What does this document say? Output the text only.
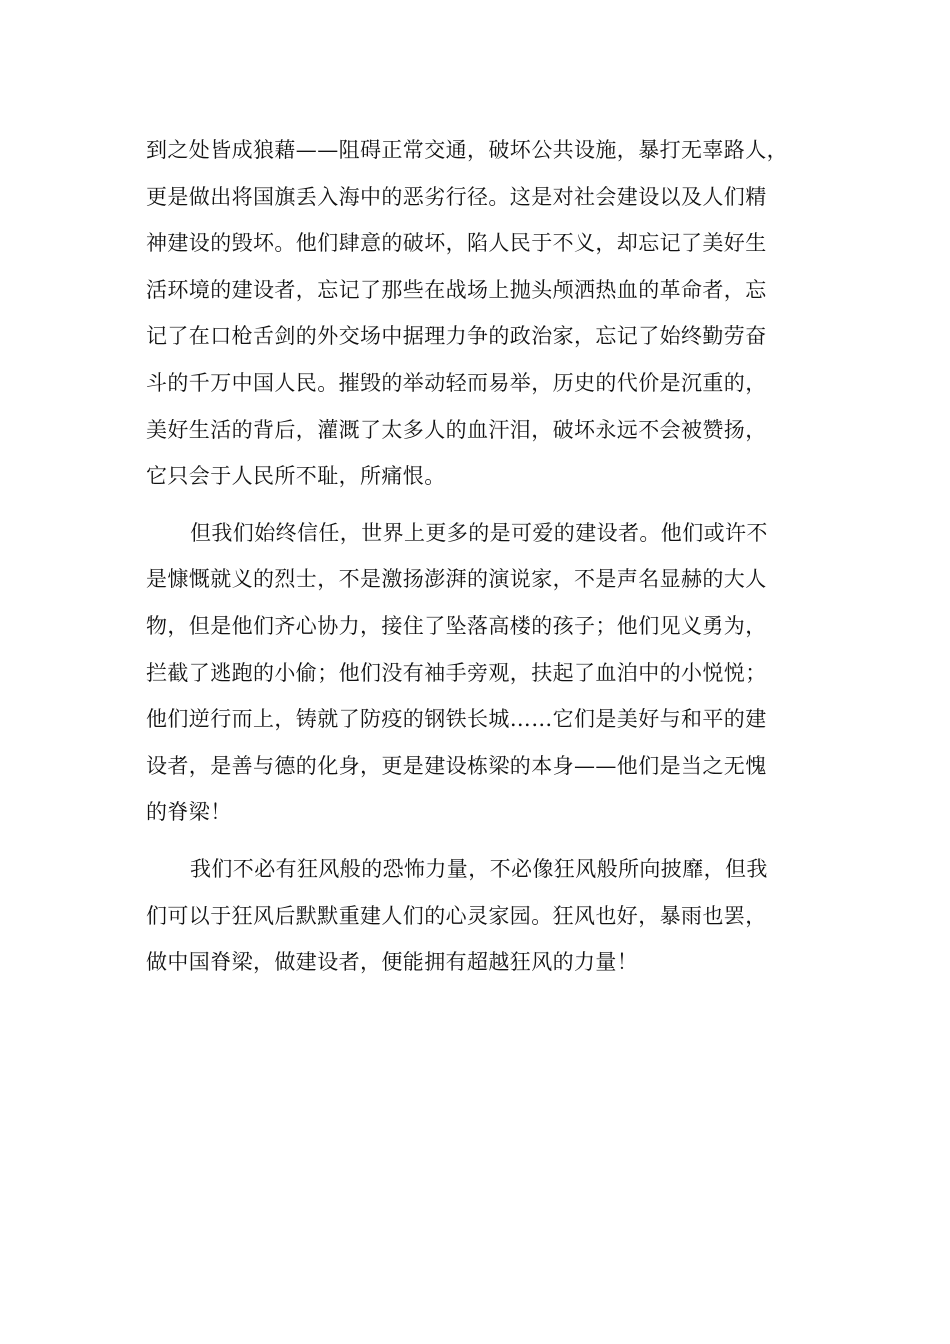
到之处皆成狼藉——阻碍正常交通，破坏公共设施，暴打无辜路人，
更是做出将国旗丢入海中的恶劣行径。这是对社会建设以及人们精
神建设的毁坏。他们肆意的破坏，陷人民于不义，却忘记了美好生
活环境的建设者，忘记了那些在战场上抛头颅洒热血的革命者，忘
记了在口枪舌剑的外交场中据理力争的政治家，忘记了始终勤劳奋
斗的千万中国人民。摧毁的举动轻而易举，历史的代价是沉重的，
美好生活的背后，灌溉了太多人的血汗泪，破坏永远不会被赞扬，
它只会于人民所不耻，所痛恨。

但我们始终信任，世界上更多的是可爱的建设者。他们或许不
是慷慨就义的烈士，不是激扬澎湃的演说家，不是声名显赫的大人
物，但是他们齐心协力，接住了坠落高楼的孩子；他们见义勇为，
拦截了逃跑的小偷；他们没有袖手旁观，扶起了血泊中的小悦悦；
他们逆行而上，铸就了防疫的钢铁长城……它们是美好与和平的建
设者，是善与德的化身，更是建设栋梁的本身——他们是当之无愧
的脊梁！

我们不必有狂风般的恐怖力量，不必像狂风般所向披靡，但我
们可以于狂风后默默重建人们的心灵家园。狂风也好，暴雨也罢，
做中国脊梁，做建设者，便能拥有超越狂风的力量！
